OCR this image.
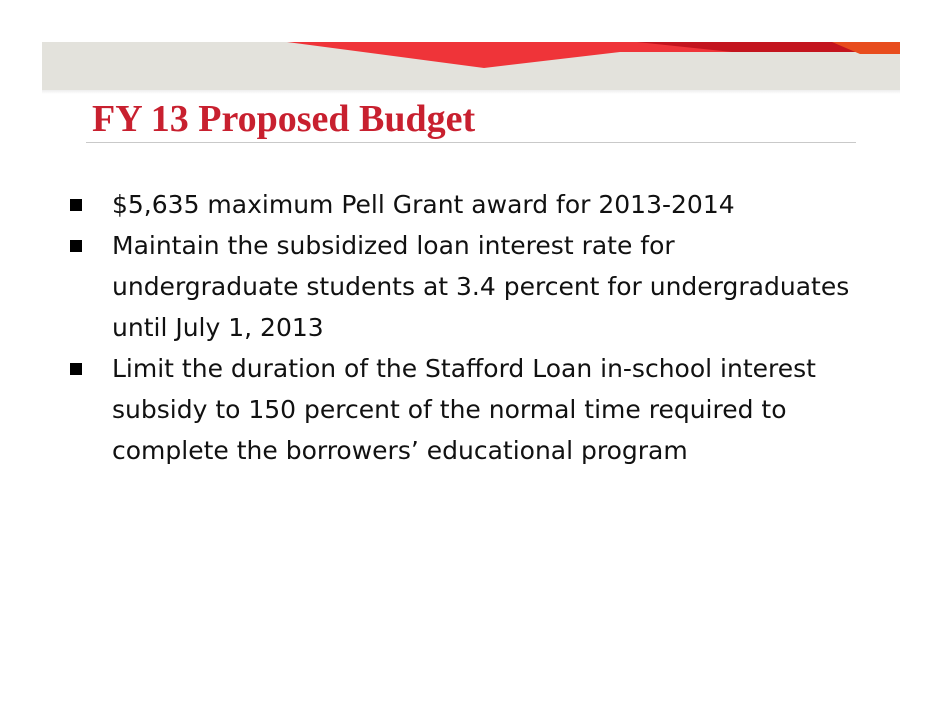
FY 13 Proposed Budget
$5,635 maximum Pell Grant award for 2013-2014
Maintain the subsidized loan interest rate for undergraduate students at 3.4 percent for undergraduates until July 1, 2013
Limit the duration of the Stafford Loan in-school interest subsidy to 150 percent of the normal time required to complete the borrowers’ educational program
